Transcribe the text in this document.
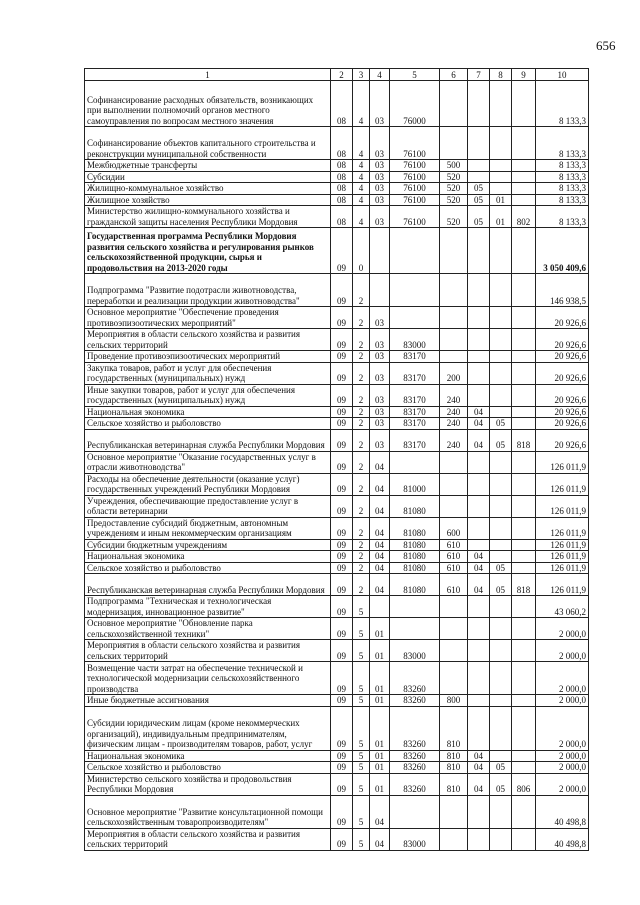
656
1	2	3	4	5	6	7	8	9	10
Софинансирование расходных обязательств, возникающих при выполнении полномочий органов местного самоуправления по вопросам местного значения	08	4	03	76000					8 133,3
Софинансирование объектов капитального строительства и реконструкции муниципальной собственности	08	4	03	76100					8 133,3
Межбюджетные трансферты	08	4	03	76100	500				8 133,3
Субсидии	08	4	03	76100	520				8 133,3
Жилищно-коммунальное хозяйство	08	4	03	76100	520	05			8 133,3
Жилищное хозяйство	08	4	03	76100	520	05	01		8 133,3
Министерство жилищно-коммунального хозяйства и гражданской защиты населения Республики Мордовия	08	4	03	76100	520	05	01	802	8 133,3
Государственная программа Республики Мордовия развития сельского хозяйства и регулирования рынков сельскохозяйственной продукции, сырья и продовольствия на 2013-2020 годы	09	0							3 050 409,6
Подпрограмма "Развитие подотрасли животноводства, переработки и реализации продукции животноводства"	09	2							146 938,5
Основное мероприятие "Обеспечение проведения противоэпизоотических мероприятий"	09	2	03						20 926,6
Мероприятия в области сельского хозяйства и развития сельских территорий	09	2	03	83000					20 926,6
Проведение противоэпизоотических мероприятий	09	2	03	83170					20 926,6
Закупка товаров, работ и услуг для обеспечения государственных (муниципальных) нужд	09	2	03	83170	200				20 926,6
Иные закупки товаров, работ и услуг для обеспечения государственных (муниципальных) нужд	09	2	03	83170	240				20 926,6
Национальная экономика	09	2	03	83170	240	04			20 926,6
Сельское хозяйство и рыболовство	09	2	03	83170	240	04	05		20 926,6
Республиканская ветеринарная служба Республики Мордовия	09	2	03	83170	240	04	05	818	20 926,6
Основное мероприятие "Оказание государственных услуг в отрасли животноводства"	09	2	04						126 011,9
Расходы на обеспечение деятельности (оказание услуг) государственных учреждений Республики Мордовия	09	2	04	81000					126 011,9
Учреждения, обеспечивающие предоставление услуг в области ветеринарии	09	2	04	81080					126 011,9
Предоставление субсидий бюджетным, автономным учреждениям и иным некоммерческим организациям	09	2	04	81080	600				126 011,9
Субсидии бюджетным учреждениям	09	2	04	81080	610				126 011,9
Национальная экономика	09	2	04	81080	610	04			126 011,9
Сельское хозяйство и рыболовство	09	2	04	81080	610	04	05		126 011,9
Республиканская ветеринарная служба Республики Мордовия	09	2	04	81080	610	04	05	818	126 011,9
Подпрограмма "Техническая и технологическая модернизация, инновационное развитие"	09	5							43 060,2
Основное мероприятие "Обновление парка сельскохозяйственной техники"	09	5	01						2 000,0
Мероприятия в области сельского хозяйства и развития сельских территорий	09	5	01	83000					2 000,0
Возмещение части затрат на обеспечение технической и технологической модернизации сельскохозяйственного производства	09	5	01	83260					2 000,0
Иные бюджетные ассигнования	09	5	01	83260	800				2 000,0
Субсидии юридическим лицам (кроме некоммерческих организаций), индивидуальным предпринимателям, физическим лицам - производителям товаров, работ, услуг	09	5	01	83260	810				2 000,0
Национальная экономика	09	5	01	83260	810	04			2 000,0
Сельское хозяйство и рыболовство	09	5	01	83260	810	04	05		2 000,0
Министерство сельского хозяйства и продовольствия Республики Мордовия	09	5	01	83260	810	04	05	806	2 000,0
Основное мероприятие "Развитие консультационной помощи сельскохозяйственным товаропроизводителям"	09	5	04						40 498,8
Мероприятия в области сельского хозяйства и развития сельских территорий	09	5	04	83000					40 498,8
